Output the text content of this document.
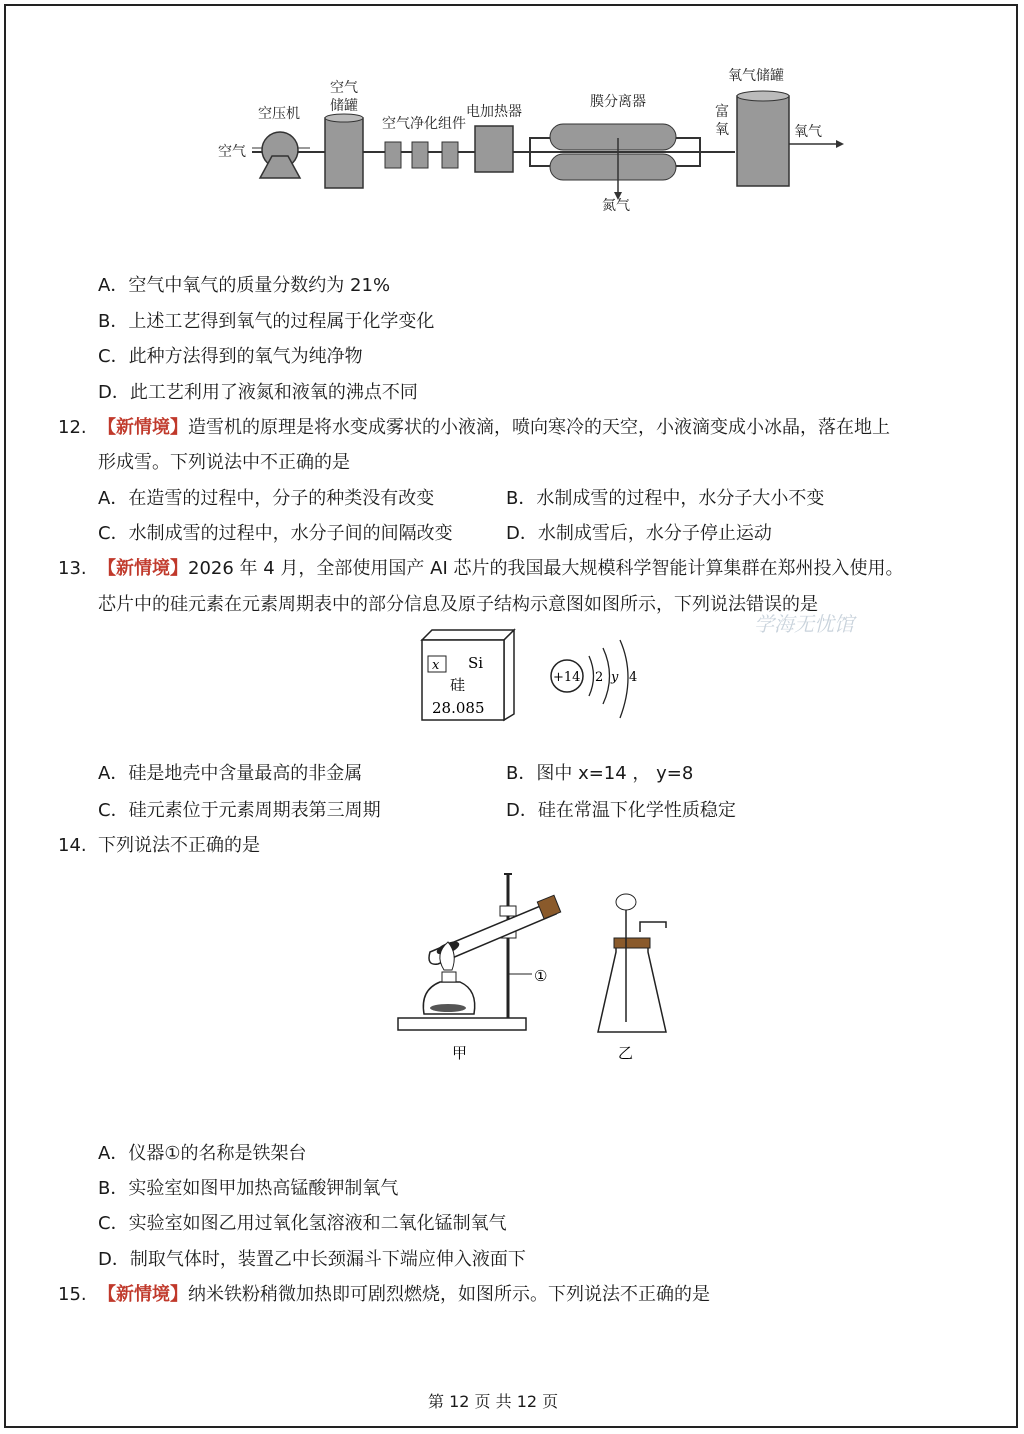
空气
空压机
空气
储罐
空气净化组件
电加热器
膜分离器
氮气
富
氧
氧气储罐
氧气
A．空气中氧气的质量分数约为 21%
B．上述工艺得到氧气的过程属于化学变化
C．此种方法得到的氧气为纯净物
D．此工艺利用了液氮和液氧的沸点不同
12. 【新情境】造雪机的原理是将水变成雾状的小液滴，喷向寒冷的天空，小液滴变成小冰晶，落在地上
形成雪。下列说法中不正确的是
A．在造雪的过程中，分子的种类没有改变	B．水制成雪的过程中，水分子大小不变
C．水制成雪的过程中，水分子间的间隔改变	D．水制成雪后，水分子停止运动
13. 【新情境】2026 年 4 月，全部使用国产 AI 芯片的我国最大规模科学智能计算集群在郑州投入使用。
芯片中的硅元素在元素周期表中的部分信息及原子结构示意图如图所示，下列说法错误的是
学海无忧馆
x Si
硅
28.085
+14 2 y 4
A．硅是地壳中含量最高的非金属	B．图中 x=14 ， y=8
C．硅元素位于元素周期表第三周期	D．硅在常温下化学性质稳定
14. 下列说法不正确的是
①
甲	乙
A．仪器①的名称是铁架台
B．实验室如图甲加热高锰酸钾制氧气
C．实验室如图乙用过氧化氢溶液和二氧化锰制氧气
D．制取气体时，装置乙中长颈漏斗下端应伸入液面下
15. 【新情境】纳米铁粉稍微加热即可剧烈燃烧，如图所示。下列说法不正确的是
第 12 页 共 12 页
